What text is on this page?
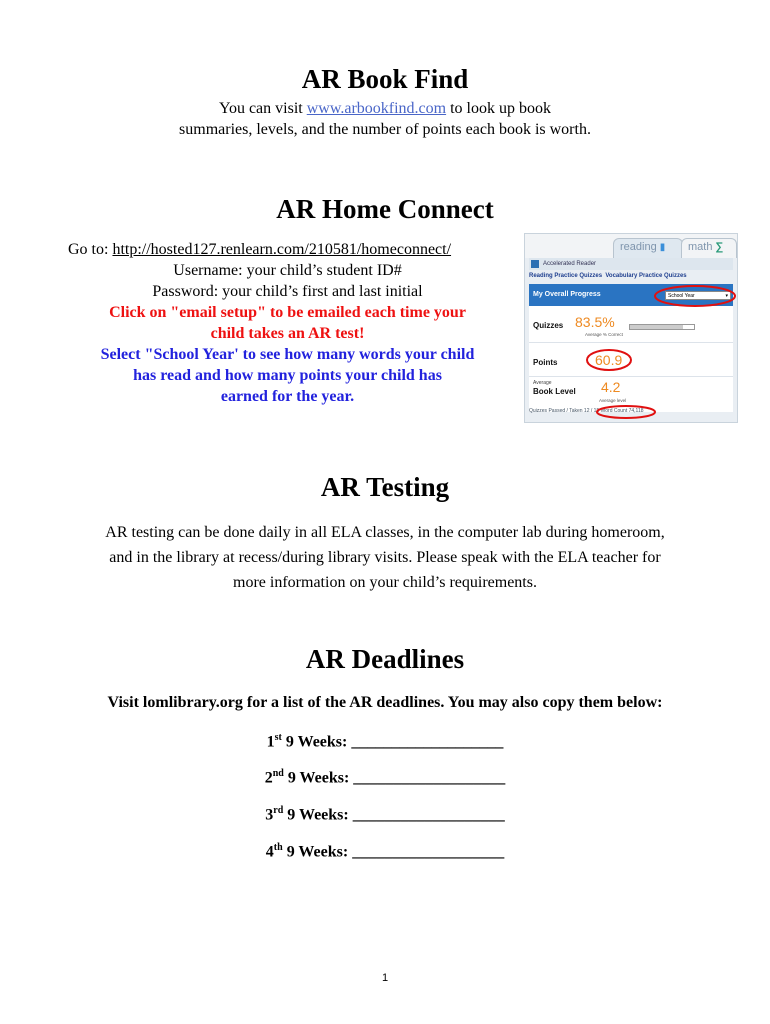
AR Book Find
You can visit www.arbookfind.com to look up book
summaries, levels, and the number of points each book is worth.
AR Home Connect
Go to: http://hosted127.renlearn.com/210581/homeconnect/
Username: your child’s student ID#
Password: your child’s first and last initial
Click on "email setup" to be emailed each time your
child takes an AR test!
Select "School Year' to see how many words your child
has read and how many points your child has
earned for the year.
reading ▮	math ∑
Accelerated Reader
Reading Practice Quizzes Vocabulary Practice Quizzes
My Overall Progress	School Year	▾
Quizzes 83.5%
Average % Correct
Points	60.9
Average
Book Level 4.2
Average level
Quizzes Passed / Taken 12 / 15 Word Count 74,118
AR Testing
AR testing can be done daily in all ELA classes, in the computer lab during homeroom,
and in the library at recess/during library visits. Please speak with the ELA teacher for
more information on your child’s requirements.
AR Deadlines
Visit lomlibrary.org for a list of the AR deadlines. You may also copy them below:
1st 9 Weeks: ___________________
2nd 9 Weeks: ___________________
3rd 9 Weeks: ___________________
4th 9 Weeks: ___________________
1
